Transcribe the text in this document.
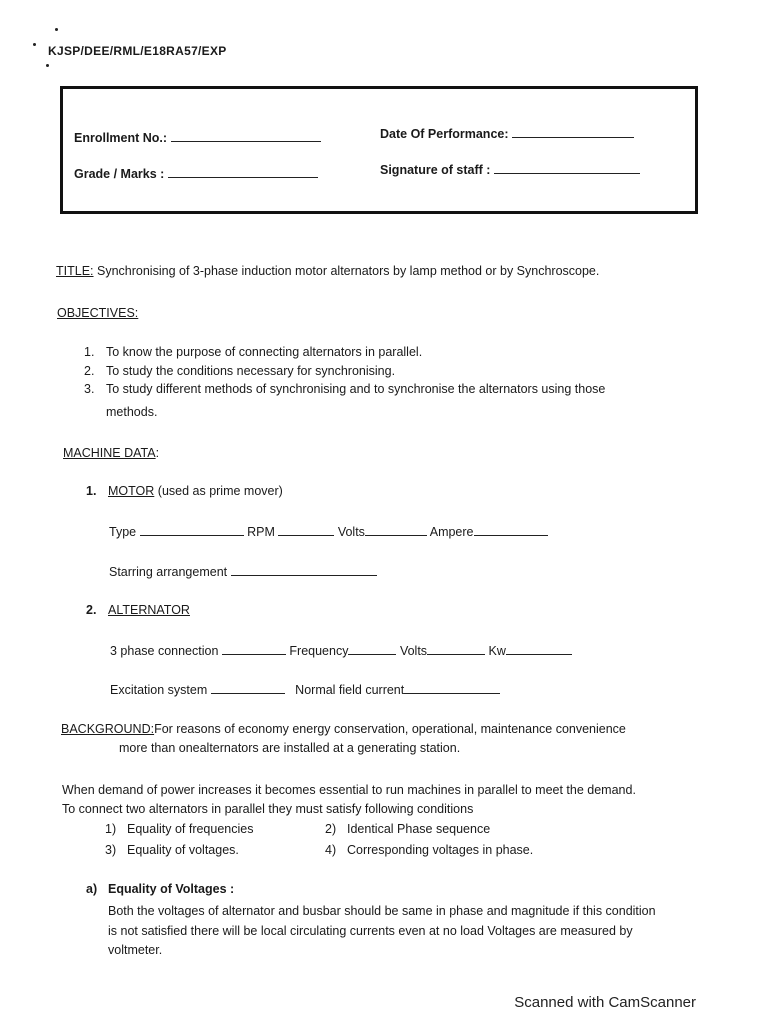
KJSP/DEE/RML/E18RA57/EXP
Enrollment No.:	Date Of Performance:
Grade / Marks :	Signature of staff :
TITLE: Synchronising of 3-phase induction motor alternators by lamp method or by Synchroscope.
OBJECTIVES:
1. To know the purpose of connecting alternators in parallel.
2. To study the conditions necessary for synchronising.
3. To study different methods of synchronising and to synchronise the alternators using those
methods.
MACHINE DATA:
1. MOTOR (used as prime mover)
Type	RPM	Volts	Ampere
Starring arrangement
2. ALTERNATOR
3 phase connection	Frequency	Volts	Kw
Excitation system	Normal field current
BACKGROUND:For reasons of economy energy conservation, operational, maintenance convenience
more than onealternators are installed at a generating station.
When demand of power increases it becomes essential to run machines in parallel to meet the demand.
To connect two alternators in parallel they must satisfy following conditions
1) Equality of frequencies	2) Identical Phase sequence
3) Equality of voltages.	4) Corresponding voltages in phase.
a) Equality of Voltages :
Both the voltages of alternator and busbar should be same in phase and magnitude if this condition
is not satisfied there will be local circulating currents even at no load Voltages are measured by
voltmeter.
Scanned with CamScanner
